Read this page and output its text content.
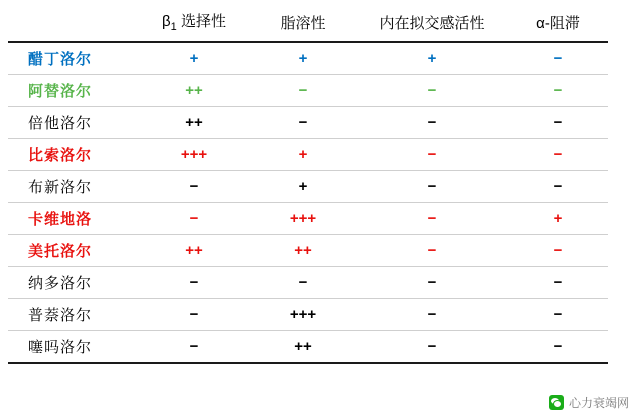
	$\beta_1$ 选择性	脂溶性	内在拟交感活性	α-阻滞
醋丁洛尔	+	+	+	−
阿替洛尔	++	−	−	−
倍他洛尔	++	−	−	−
比索洛尔	+++	+	−	−
布新洛尔	−	+	−	−
卡维地洛	−	+++	−	+
美托洛尔	++	++	−	−
纳多洛尔	−	−	−	−
普萘洛尔	−	+++	−	−
噻吗洛尔	−	++	−	−
心力衰竭网
